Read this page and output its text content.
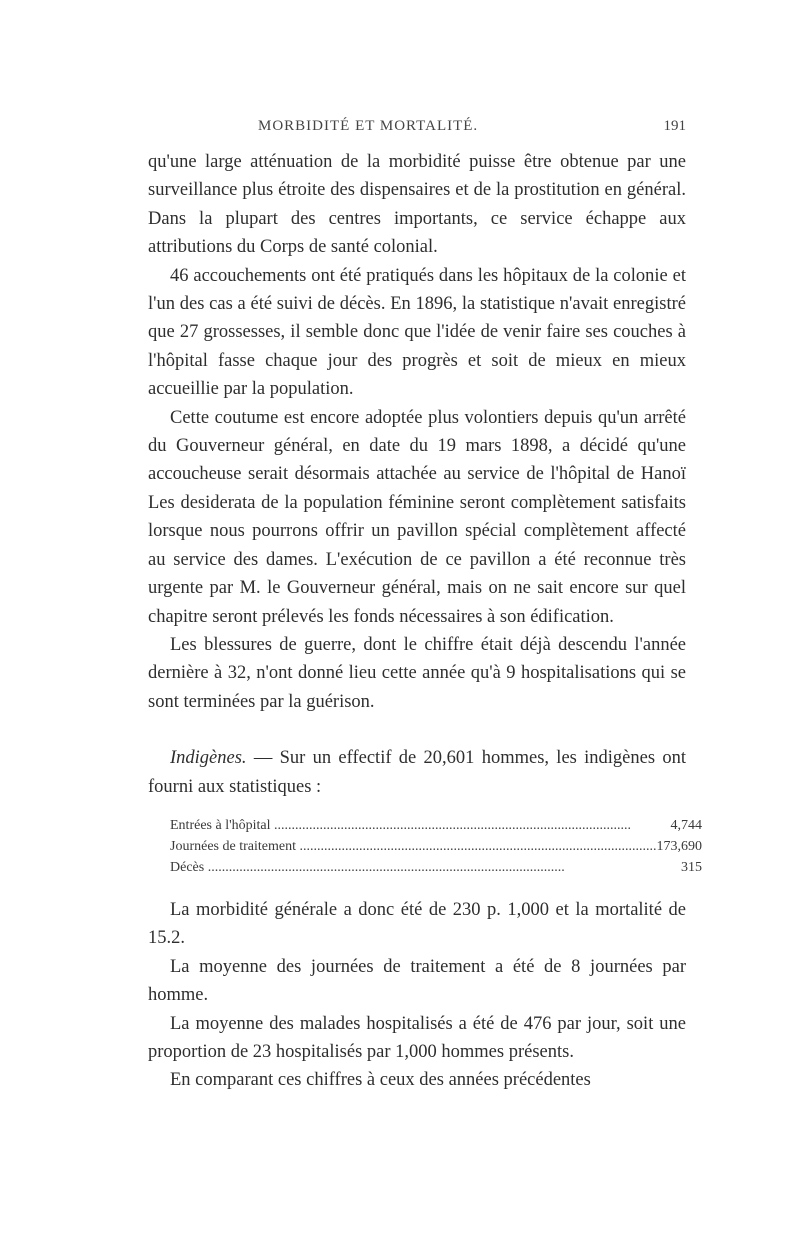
MORBIDITÉ ET MORTALITÉ.	191

qu'une large atténuation de la morbidité puisse être obtenue par une surveillance plus étroite des dispensaires et de la prostitution en général. Dans la plupart des centres importants, ce service échappe aux attributions du Corps de santé colonial.

46 accouchements ont été pratiqués dans les hôpitaux de la colonie et l'un des cas a été suivi de décès. En 1896, la statistique n'avait enregistré que 27 grossesses, il semble donc que l'idée de venir faire ses couches à l'hôpital fasse chaque jour des progrès et soit de mieux en mieux accueillie par la population.

Cette coutume est encore adoptée plus volontiers depuis qu'un arrêté du Gouverneur général, en date du 19 mars 1898, a décidé qu'une accoucheuse serait désormais attachée au service de l'hôpital de Hanoï Les desiderata de la population féminine seront complètement satisfaits lorsque nous pourrons offrir un pavillon spécial complètement affecté au service des dames. L'exécution de ce pavillon a été reconnue très urgente par M. le Gouverneur général, mais on ne sait encore sur quel chapitre seront prélevés les fonds nécessaires à son édification.

Les blessures de guerre, dont le chiffre était déjà descendu l'année dernière à 32, n'ont donné lieu cette année qu'à 9 hospitalisations qui se sont terminées par la guérison.

Indigènes. — Sur un effectif de 20,601 hommes, les indigènes ont fourni aux statistiques :

Entrées à l'hôpital .....	4,744
Journées de traitement .....	173,690
Décès .....	315

La morbidité générale a donc été de 230 p. 1,000 et la mortalité de 15.2.

La moyenne des journées de traitement a été de 8 journées par homme.

La moyenne des malades hospitalisés a été de 476 par jour, soit une proportion de 23 hospitalisés par 1,000 hommes présents.

En comparant ces chiffres à ceux des années précédentes
